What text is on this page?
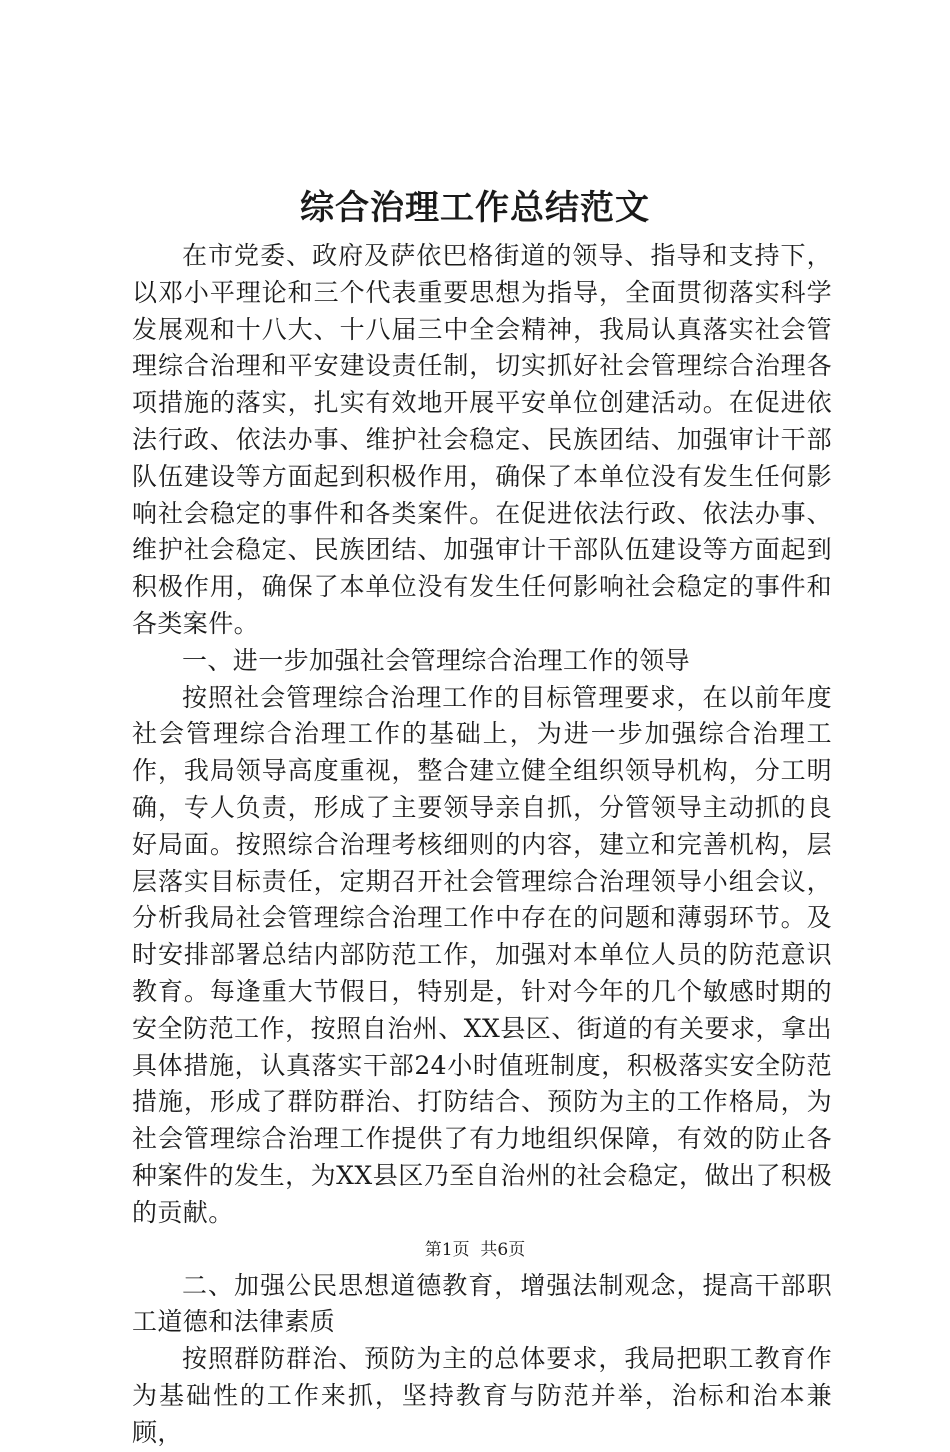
综合治理工作总结范文

在市党委、政府及萨依巴格街道的领导、指导和支持下，以邓小平理论和三个代表重要思想为指导，全面贯彻落实科学发展观和十八大、十八届三中全会精神，我局认真落实社会管理综合治理和平安建设责任制，切实抓好社会管理综合治理各项措施的落实，扎实有效地开展平安单位创建活动。在促进依法行政、依法办事、维护社会稳定、民族团结、加强审计干部队伍建设等方面起到积极作用，确保了本单位没有发生任何影响社会稳定的事件和各类案件。在促进依法行政、依法办事、维护社会稳定、民族团结、加强审计干部队伍建设等方面起到积极作用，确保了本单位没有发生任何影响社会稳定的事件和各类案件。

一、进一步加强社会管理综合治理工作的领导

按照社会管理综合治理工作的目标管理要求，在以前年度社会管理综合治理工作的基础上，为进一步加强综合治理工作，我局领导高度重视，整合建立健全组织领导机构，分工明确，专人负责，形成了主要领导亲自抓，分管领导主动抓的良好局面。按照综合治理考核细则的内容，建立和完善机构，层层落实目标责任，定期召开社会管理综合治理领导小组会议，分析我局社会管理综合治理工作中存在的问题和薄弱环节。及时安排部署总结内部防范工作，加强对本单位人员的防范意识教育。每逢重大节假日，特别是，针对今年的几个敏感时期的安全防范工作，按照自治州、XX县区、街道的有关要求，拿出具体措施，认真落实干部24小时值班制度，积极落实安全防范措施，形成了群防群治、打防结合、预防为主的工作格局，为社会管理综合治理工作提供了有力地组织保障，有效的防止各种案件的发生，为XX县区乃至自治州的社会稳定，做出了积极的贡献。

二、加强公民思想道德教育，增强法制观念，提高干部职工道德和法律素质

按照群防群治、预防为主的总体要求，我局把职工教育作为基础性的工作来抓，坚持教育与防范并举，治标和治本兼顾，

第1页 共6页
